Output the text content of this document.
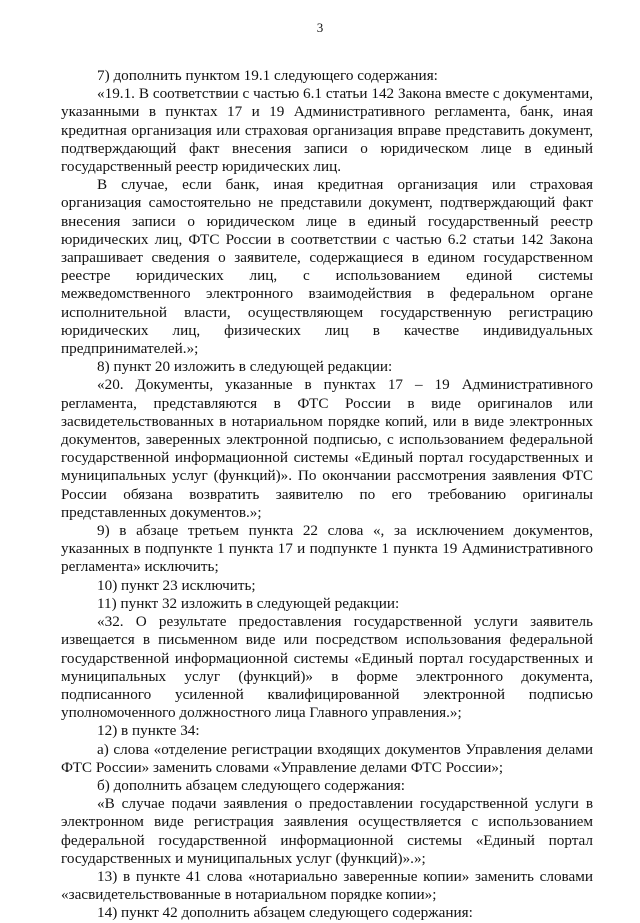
3

7) дополнить пунктом 19.1 следующего содержания:

«19.1. В соответствии с частью 6.1 статьи 142 Закона вместе с документами, указанными в пунктах 17 и 19 Административного регламента, банк, иная кредитная организация или страховая организация вправе представить документ, подтверждающий факт внесения записи о юридическом лице в единый государственный реестр юридических лиц.

В случае, если банк, иная кредитная организация или страховая организация самостоятельно не представили документ, подтверждающий факт внесения записи о юридическом лице в единый государственный реестр юридических лиц, ФТС России в соответствии с частью 6.2 статьи 142 Закона запрашивает сведения о заявителе, содержащиеся в едином государственном реестре юридических лиц, с использованием единой системы межведомственного электронного взаимодействия в федеральном органе исполнительной власти, осуществляющем государственную регистрацию юридических лиц, физических лиц в качестве индивидуальных предпринимателей.»;

8) пункт 20 изложить в следующей редакции:

«20. Документы, указанные в пунктах 17 – 19 Административного регламента, представляются в ФТС России в виде оригиналов или засвидетельствованных в нотариальном порядке копий, или в виде электронных документов, заверенных электронной подписью, с использованием федеральной государственной информационной системы «Единый портал государственных и муниципальных услуг (функций)». По окончании рассмотрения заявления ФТС России обязана возвратить заявителю по его требованию оригиналы представленных документов.»;

9) в абзаце третьем пункта 22 слова «, за исключением документов, указанных в подпункте 1 пункта 17 и подпункте 1 пункта 19 Административного регламента» исключить;

10) пункт 23 исключить;

11) пункт 32 изложить в следующей редакции:

«32. О результате предоставления государственной услуги заявитель извещается в письменном виде или посредством использования федеральной государственной информационной системы «Единый портал государственных и муниципальных услуг (функций)» в форме электронного документа, подписанного усиленной квалифицированной электронной подписью уполномоченного должностного лица Главного управления.»;

12) в пункте 34:

а) слова «отделение регистрации входящих документов Управления делами ФТС России» заменить словами «Управление делами ФТС России»;

б) дополнить абзацем следующего содержания:

«В случае подачи заявления о предоставлении государственной услуги в электронном виде регистрация заявления осуществляется с использованием федеральной государственной информационной системы «Единый портал государственных и муниципальных услуг (функций)».»;

13) в пункте 41 слова «нотариально заверенные копии» заменить словами «засвидетельствованные в нотариальном порядке копии»;

14) пункт 42 дополнить абзацем следующего содержания:
